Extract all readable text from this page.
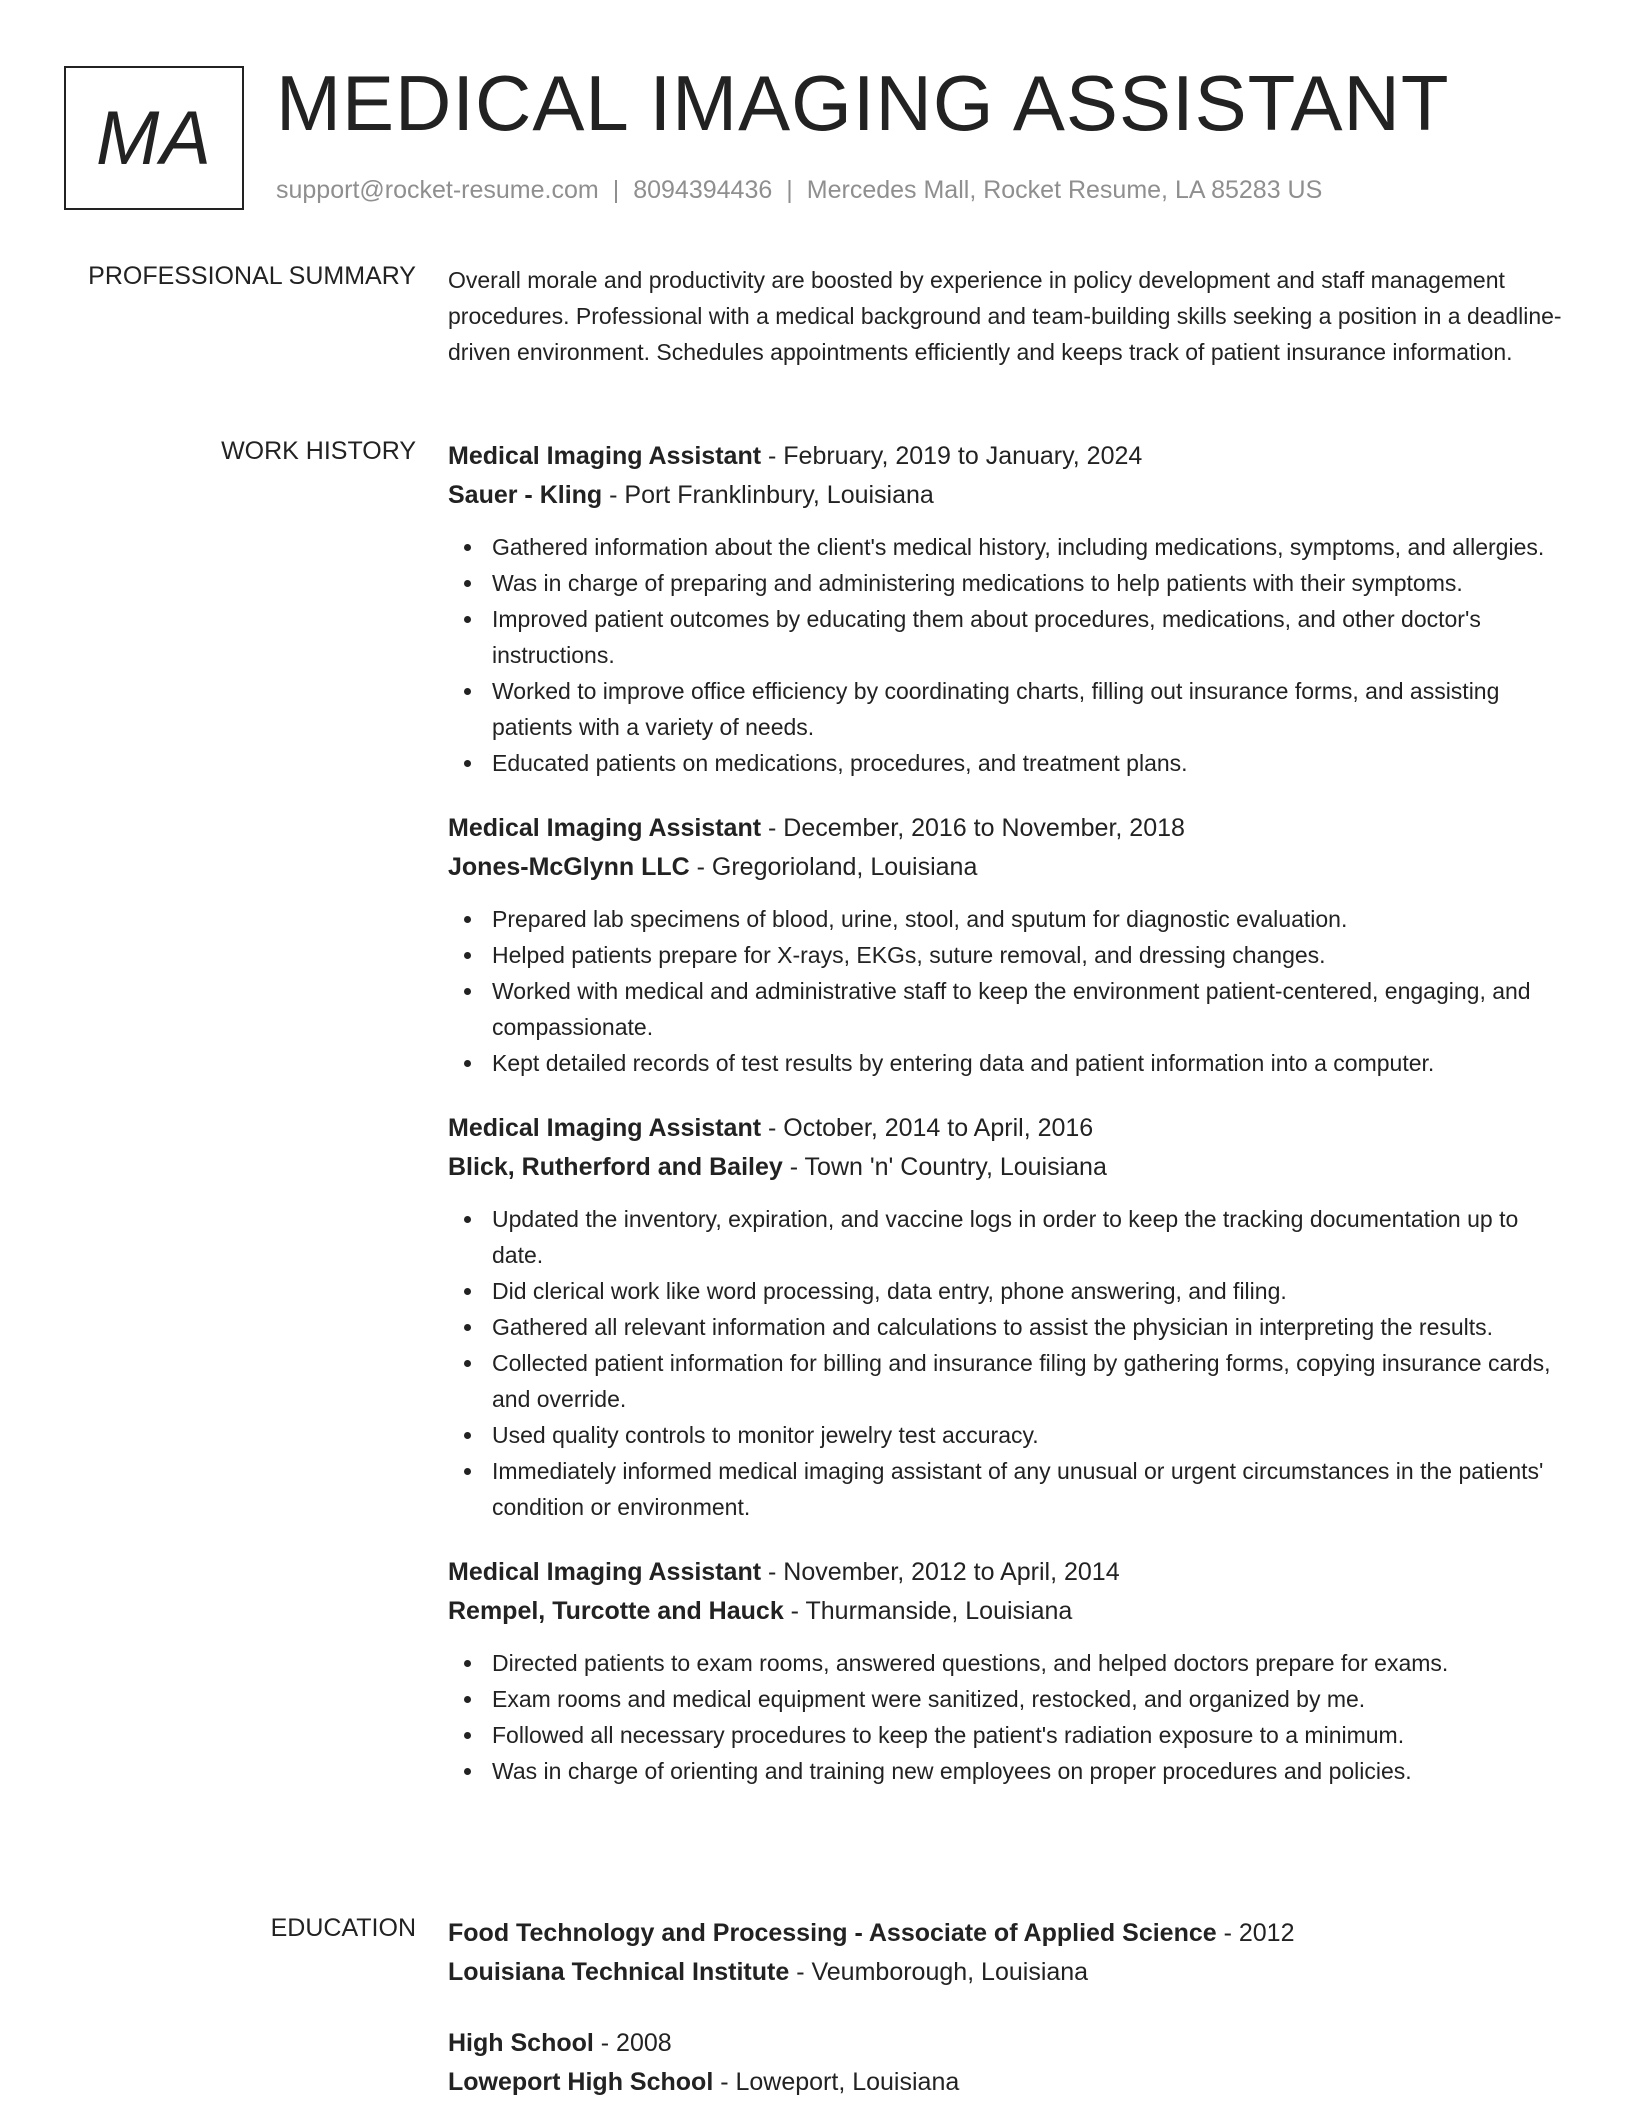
MA MEDICAL IMAGING ASSISTANT
support@rocket-resume.com | 8094394436 | Mercedes Mall, Rocket Resume, LA 85283 US
PROFESSIONAL SUMMARY Overall morale and productivity are boosted by experience in policy development and staff management procedures. Professional with a medical background and team-building skills seeking a position in a deadline-driven environment. Schedules appointments efficiently and keeps track of patient insurance information.

WORK HISTORY Medical Imaging Assistant - February, 2019 to January, 2024
Sauer - Kling - Port Franklinbury, Louisiana
Gathered information about the client's medical history, including medications, symptoms, and allergies.
Was in charge of preparing and administering medications to help patients with their symptoms.
Improved patient outcomes by educating them about procedures, medications, and other doctor's instructions.
Worked to improve office efficiency by coordinating charts, filling out insurance forms, and assisting patients with a variety of needs.
Educated patients on medications, procedures, and treatment plans.
Medical Imaging Assistant - December, 2016 to November, 2018
Jones-McGlynn LLC - Gregorioland, Louisiana
Prepared lab specimens of blood, urine, stool, and sputum for diagnostic evaluation.
Helped patients prepare for X-rays, EKGs, suture removal, and dressing changes.
Worked with medical and administrative staff to keep the environment patient-centered, engaging, and compassionate.
Kept detailed records of test results by entering data and patient information into a computer.
Medical Imaging Assistant - October, 2014 to April, 2016
Blick, Rutherford and Bailey - Town 'n' Country, Louisiana
Updated the inventory, expiration, and vaccine logs in order to keep the tracking documentation up to date.
Did clerical work like word processing, data entry, phone answering, and filing.
Gathered all relevant information and calculations to assist the physician in interpreting the results.
Collected patient information for billing and insurance filing by gathering forms, copying insurance cards, and override.
Used quality controls to monitor jewelry test accuracy.
Immediately informed medical imaging assistant of any unusual or urgent circumstances in the patients' condition or environment.
Medical Imaging Assistant - November, 2012 to April, 2014
Rempel, Turcotte and Hauck - Thurmanside, Louisiana
Directed patients to exam rooms, answered questions, and helped doctors prepare for exams.
Exam rooms and medical equipment were sanitized, restocked, and organized by me.
Followed all necessary procedures to keep the patient's radiation exposure to a minimum.
Was in charge of orienting and training new employees on proper procedures and policies.
EDUCATION Food Technology and Processing - Associate of Applied Science - 2012
Louisiana Technical Institute - Veumborough, Louisiana
High School - 2008
Loweport High School - Loweport, Louisiana
